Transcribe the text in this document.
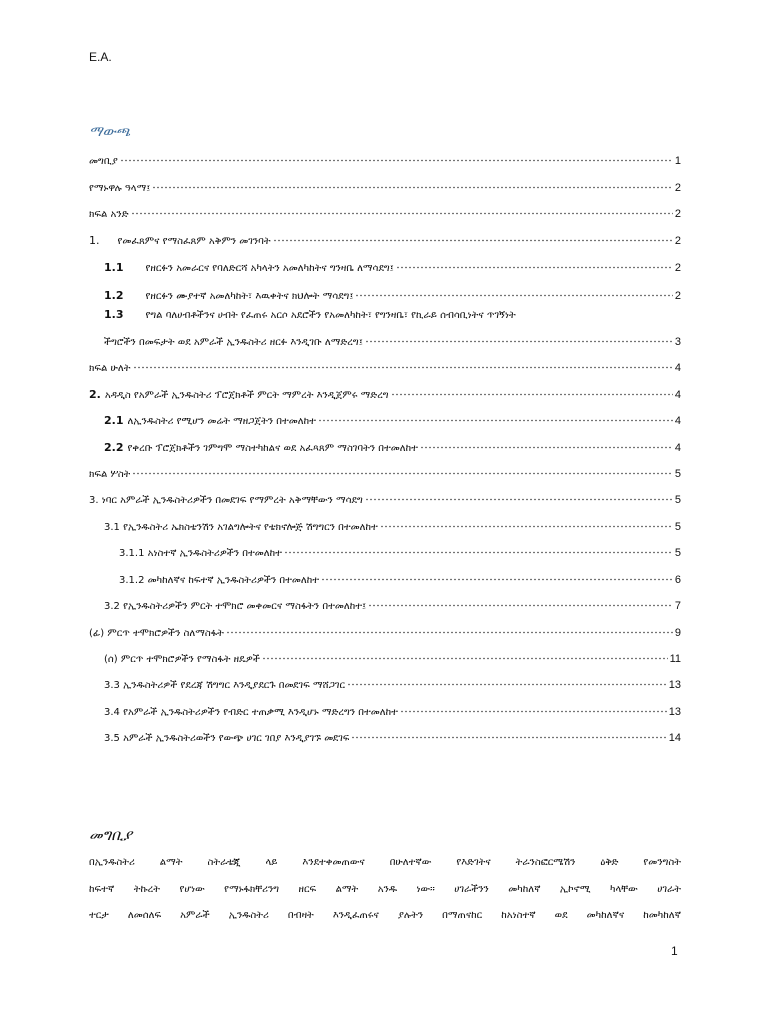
E.A.
ማውጫ
መግቢያ	1
የማኑዋሉ ዓላማ፤	2
ክፍል አንድ	2
1. የመፈጸምና የማስፈጸም አቅምን መገንባት	2
1.1 የዘርፉን አመራርና የባለድርሻ አካላትን አመለካከትና ግንዛቤ ለማሳደግ፤	2
1.2 የዘርፉን ሙያተኛ አመለካከት፣ እዉቀትና ክህሎት ማሳደግ፤	2
1.3 የግል ባለሀብቶችንና ሀብት የፈጠሩ አርሶ አደሮችን የአመለካከት፣ የግንዛቤ፣ የኪራይ ሰብሳቢነትና ጥገኝነት
ችግሮችን በመፍታት ወደ አምራች ኢንዱስትሪ ዘርፉ እንዲገቡ ለማድረግ፤	3
ክፍል ሁለት	4
2. አዳዲስ የአምራች ኢንዱስትሪ ፕሮጀክቶች ምርት ማምረት እንዲጀምሩ ማድረግ	4
2.1 ለኢንዱስትሪ የሚሆን መሬት ማዘጋጀትን በተመለከተ	4
2.2 የቀረቡ ፕሮጀክቶችን ገምግሞ ማስተካከልና ወደ አፈጻጸም ማስገባትን በተመለከተ	4
ክፍል ሦስት	5
3. ነባር አምራች ኢንዱስትሪዎችን በመደገፍ የማምረት አቅማቸውን ማሳደግ	5
3.1 የኢንዱስትሪ ኤክስቴንሽን አገልግሎትና የቴክኖሎጅ ሽግግርን በተመለከተ	5
3.1.1 አነስተኛ ኢንዱስትሪዎችን በተመለከተ	5
3.1.2 መካከለኛና ከፍተኛ ኢንዱስትሪዎችን በተመለከተ	6
3.2 የኢንዱስትሪዎችን ምርት ተሞክሮ መቀመርና ማስፋትን በተመለከተ፤	7
(ፊ) ምርጥ ተሞክሮዎችን ስለማስፋት	9
(ሰ) ምርጥ ተሞክሮዎችን የማስፋት ዘዴዎች	11
3.3 ኢንዱስትሪዎች የደረጃ ሽግግር እንዲያደርጉ በመደገፍ ማሸጋገር	13
3.4 የአምራች ኢንዱስትሪዎችን የብድር ተጠቃሚ እንዲሆኑ ማድረግን በተመለከተ	13
3.5 አምራች ኢንዱስትሪወችን የውጭ ሀገር ገበያ እንዲያገኙ መደገፍ	14
መግቢያ
በኢንዱስትሪ ልማት ስትራቴጂ ላይ እንደተቀመጠውና በሁለተኛው የእድገትና ትራንስፎርሜሽን ዕቅድ የመንግስት
ከፍተኛ ትኩረት የሆነው የማኑፋክቸሪንግ ዘርፍ ልማት አንዱ ነው። ሀገራችንን መካከለኛ ኢኮኖሚ ካላቸው ሀገራት
ተርታ ለመሰለፍ አምራች ኢንዱስትሪ በብዛት እንዲፈጠሩና ያሉትን በማጠናከር ከአነስተኛ ወደ መካከለኛና ከመካከለኛ
1
